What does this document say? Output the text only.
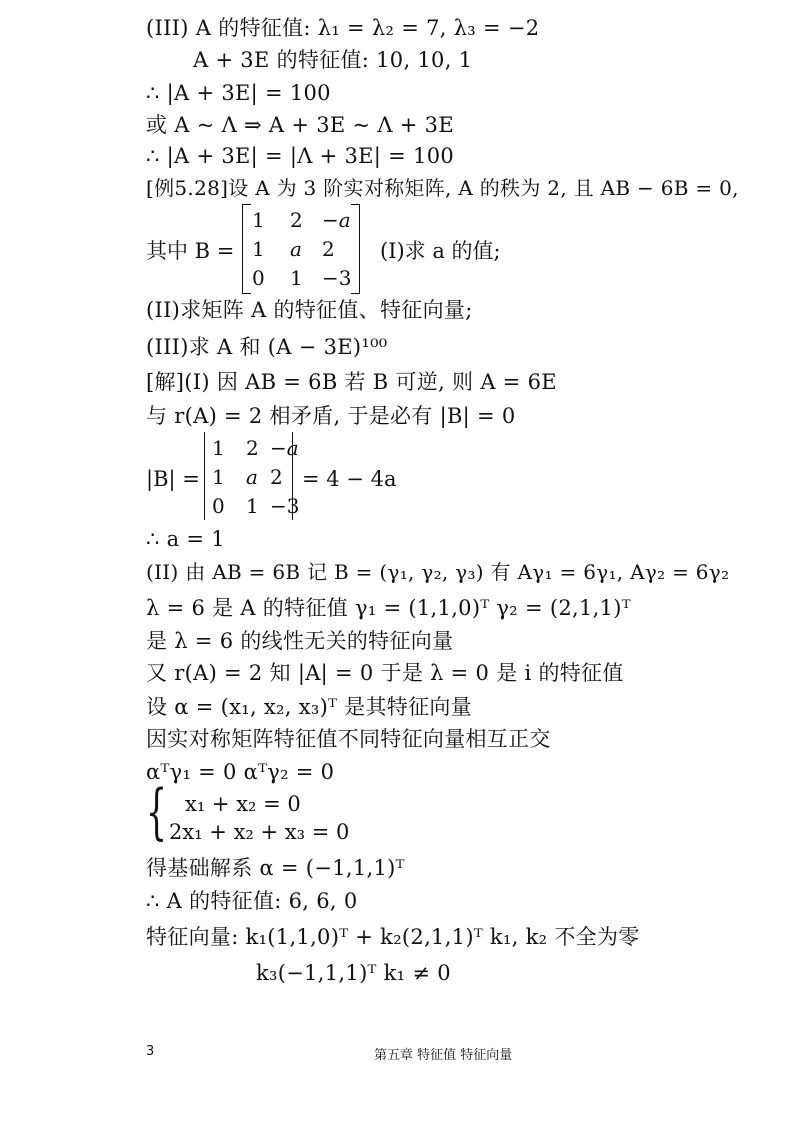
(III) A 的特征值: λ₁ = λ₂ = 7, λ₃ = −2
A + 3E 的特征值: 10, 10, 1
∴ |A + 3E| = 100
或 A ~ Λ ⇒ A + 3E ~ Λ + 3E
∴ |A + 3E| = |Λ + 3E| = 100
[例5.28]设 A 为 3 阶实对称矩阵, A 的秩为 2, 且 AB − 6B = 0,
其中 B =
1 2 −a
1 a 2
0 1 −3
(I)求 a 的值;
(II)求矩阵 A 的特征值、特征向量;
(III)求 A 和 (A − 3E)¹⁰⁰
[解](I) 因 AB = 6B 若 B 可逆, 则 A = 6E
与 r(A) = 2 相矛盾, 于是必有 |B| = 0
|B| =
1 2 −a
1 a 2
0 1 −3
= 4 − 4a
∴ a = 1
(II) 由 AB = 6B 记 B = (γ₁, γ₂, γ₃) 有 Aγ₁ = 6γ₁, Aγ₂ = 6γ₂
λ = 6 是 A 的特征值 γ₁ = (1,1,0)ᵀ γ₂ = (2,1,1)ᵀ
是 λ = 6 的线性无关的特征向量
又 r(A) = 2 知 |A| = 0 于是 λ = 0 是 i 的特征值
设 α = (x₁, x₂, x₃)ᵀ 是其特征向量
因实对称矩阵特征值不同特征向量相互正交
αᵀγ₁ = 0 αᵀγ₂ = 0
{ x₁ + x₂ = 0
2x₁ + x₂ + x₃ = 0
得基础解系 α = (−1,1,1)ᵀ
∴ A 的特征值: 6, 6, 0
特征向量: k₁(1,1,0)ᵀ + k₂(2,1,1)ᵀ k₁, k₂ 不全为零
k₃(−1,1,1)ᵀ k₁ ≠ 0
3	第五章 特征值 特征向量
